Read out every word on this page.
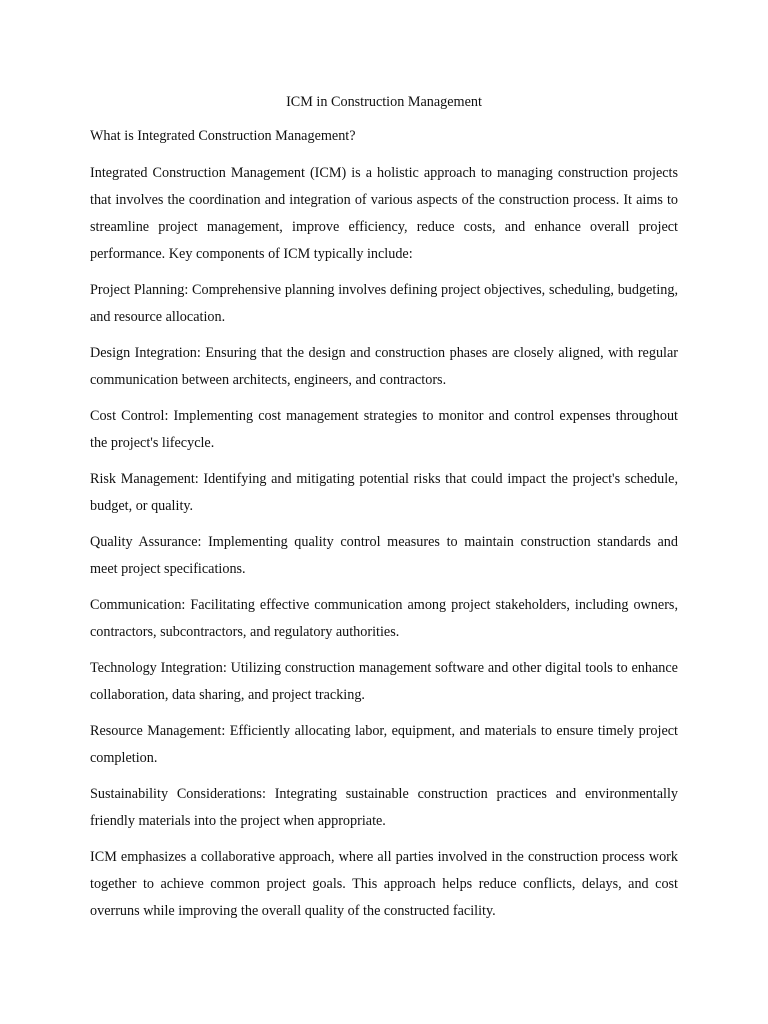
ICM in Construction Management

What is Integrated Construction Management?

Integrated Construction Management (ICM) is a holistic approach to managing construction projects that involves the coordination and integration of various aspects of the construction process. It aims to streamline project management, improve efficiency, reduce costs, and enhance overall project performance. Key components of ICM typically include:

Project Planning: Comprehensive planning involves defining project objectives, scheduling, budgeting, and resource allocation.

Design Integration: Ensuring that the design and construction phases are closely aligned, with regular communication between architects, engineers, and contractors.

Cost Control: Implementing cost management strategies to monitor and control expenses throughout the project's lifecycle.

Risk Management: Identifying and mitigating potential risks that could impact the project's schedule, budget, or quality.

Quality Assurance: Implementing quality control measures to maintain construction standards and meet project specifications.

Communication: Facilitating effective communication among project stakeholders, including owners, contractors, subcontractors, and regulatory authorities.

Technology Integration: Utilizing construction management software and other digital tools to enhance collaboration, data sharing, and project tracking.

Resource Management: Efficiently allocating labor, equipment, and materials to ensure timely project completion.

Sustainability Considerations: Integrating sustainable construction practices and environmentally friendly materials into the project when appropriate.

ICM emphasizes a collaborative approach, where all parties involved in the construction process work together to achieve common project goals. This approach helps reduce conflicts, delays, and cost overruns while improving the overall quality of the constructed facility.
